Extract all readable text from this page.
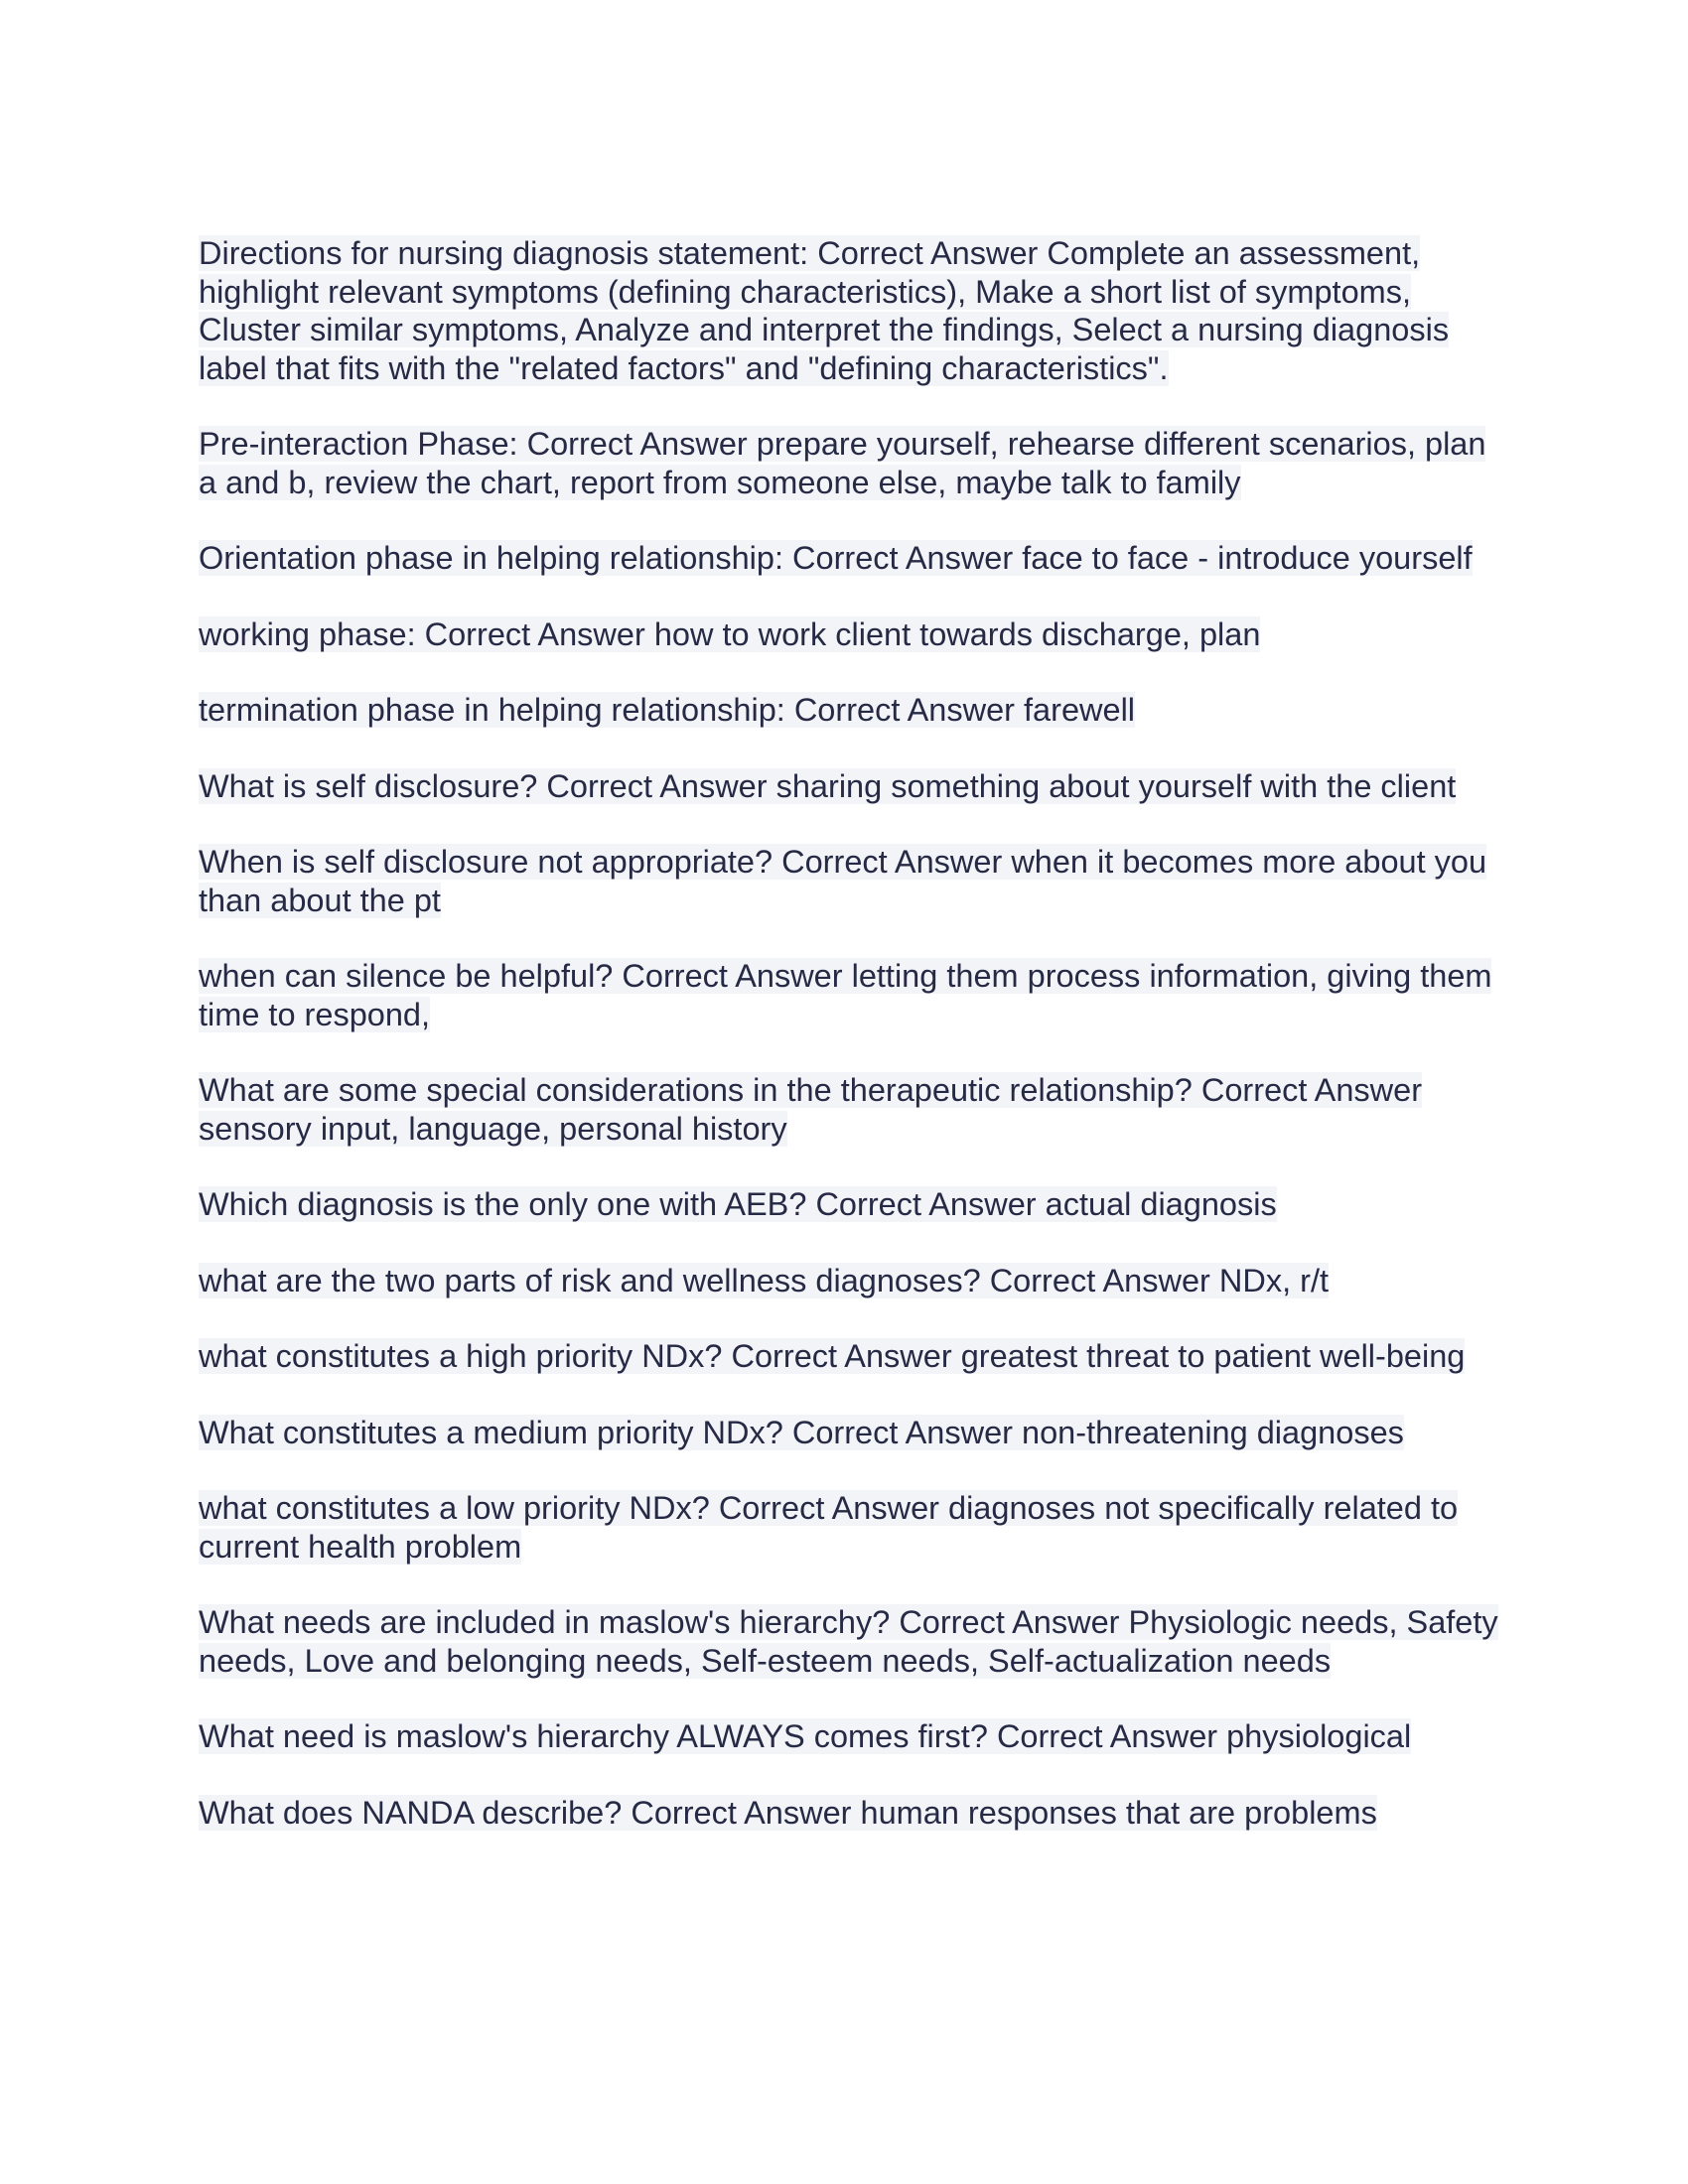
Directions for nursing diagnosis statement: Correct Answer Complete an assessment, highlight relevant symptoms (defining characteristics), Make a short list of symptoms, Cluster similar symptoms, Analyze and interpret the findings, Select a nursing diagnosis label that fits with the "related factors" and "defining characteristics".

Pre-interaction Phase: Correct Answer prepare yourself, rehearse different scenarios, plan a and b, review the chart, report from someone else, maybe talk to family

Orientation phase in helping relationship: Correct Answer face to face - introduce yourself

working phase: Correct Answer how to work client towards discharge, plan

termination phase in helping relationship: Correct Answer farewell

What is self disclosure? Correct Answer sharing something about yourself with the client

When is self disclosure not appropriate? Correct Answer when it becomes more about you than about the pt

when can silence be helpful? Correct Answer letting them process information, giving them time to respond,

What are some special considerations in the therapeutic relationship? Correct Answer sensory input, language, personal history

Which diagnosis is the only one with AEB? Correct Answer actual diagnosis

what are the two parts of risk and wellness diagnoses? Correct Answer NDx, r/t

what constitutes a high priority NDx? Correct Answer greatest threat to patient well-being

What constitutes a medium priority NDx? Correct Answer non-threatening diagnoses

what constitutes a low priority NDx? Correct Answer diagnoses not specifically related to current health problem

What needs are included in maslow's hierarchy? Correct Answer Physiologic needs, Safety needs, Love and belonging needs, Self-esteem needs, Self-actualization needs

What need is maslow's hierarchy ALWAYS comes first? Correct Answer physiological

What does NANDA describe? Correct Answer human responses that are problems
